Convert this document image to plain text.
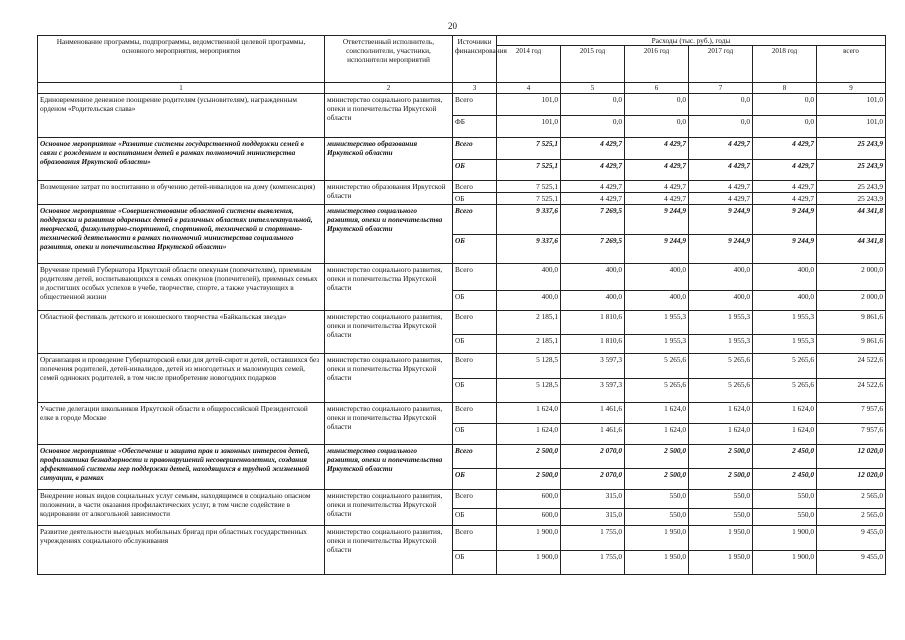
20
Наименование программы, подпрограммы, ведомственной целевой программы, основного мероприятия, мероприятия	Ответственный исполнитель, соисполнители, участники, исполнители мероприятий	Источники финансирования	Расходы (тыс. руб.), годы					
			2014 год	2015 год	2016 год	2017 год	2018 год	всего
1	2	3	4	5	6	7	8	9
Единовременное денежное поощрение родителям (усыновителям), награжденным орденом «Родительская слава»	министерство социального развития, опеки и попечительства Иркутской области	Всего	101,0	0,0	0,0	0,0	0,0	101,0
		ФБ	101,0	0,0	0,0	0,0	0,0	101,0
Основное мероприятие «Развитие системы государственной поддержки семей в связи с рождением и воспитанием детей в рамках полномочий министерства образования Иркутской области»	министерство образования Иркутской области	Всего	7 525,1	4 429,7	4 429,7	4 429,7	4 429,7	25 243,9
		ОБ	7 525,1	4 429,7	4 429,7	4 429,7	4 429,7	25 243,9
Возмещение затрат по воспитанию и обучению детей-инвалидов на дому (компенсация)	министерство образования Иркутской области	Всего	7 525,1	4 429,7	4 429,7	4 429,7	4 429,7	25 243,9
		ОБ	7 525,1	4 429,7	4 429,7	4 429,7	4 429,7	25 243,9
Основное мероприятие «Совершенствование областной системы выявления, поддержки и развития одаренных детей в различных областях интеллектуальной, творческой, физкультурно-спортивной, спортивной, технической и спортивно-технической деятельности в рамках полномочий министерства социального развития, опеки и попечительства Иркутской области»	министерство социального развития, опеки и попечительства Иркутской области	Всего	9 337,6	7 269,5	9 244,9	9 244,9	9 244,9	44 341,8
		ОБ	9 337,6	7 269,5	9 244,9	9 244,9	9 244,9	44 341,8
Вручение премий Губернатора Иркутской области опекунам (попечителям), приемным родителям детей, воспитывающихся в семьях опекунов (попечителей), приемных семьях и достигших особых успехов в учебе, творчестве, спорте, а также участвующих в общественной жизни	министерство социального развития, опеки и попечительства Иркутской области	Всего	400,0	400,0	400,0	400,0	400,0	2 000,0
		ОБ	400,0	400,0	400,0	400,0	400,0	2 000,0
Областной фестиваль детского и юношеского творчества «Байкальская звезда»	министерство социального развития, опеки и попечительства Иркутской области	Всего	2 185,1	1 810,6	1 955,3	1 955,3	1 955,3	9 861,6
		ОБ	2 185,1	1 810,6	1 955,3	1 955,3	1 955,3	9 861,6
Организация и проведение Губернаторской елки для детей-сирот и детей, оставшихся без попечения родителей, детей-инвалидов, детей из многодетных и малоимущих семей, семей одиноких родителей, в том числе приобретение новогодних подарков	министерство социального развития, опеки и попечительства Иркутской области	Всего	5 128,5	3 597,3	5 265,6	5 265,6	5 265,6	24 522,6
		ОБ	5 128,5	3 597,3	5 265,6	5 265,6	5 265,6	24 522,6
Участие делегации школьников Иркутской области в общероссийской Президентской елке в городе Москве	министерство социального развития, опеки и попечительства Иркутской области	Всего	1 624,0	1 461,6	1 624,0	1 624,0	1 624,0	7 957,6
		ОБ	1 624,0	1 461,6	1 624,0	1 624,0	1 624,0	7 957,6
Основное мероприятие «Обеспечение и защита прав и законных интересов детей, профилактика безнадзорности и правонарушений несовершеннолетних, создания эффективной системы мер поддержки детей, находящихся в трудной жизненной ситуации, в рамках	министерство социального развития, опеки и попечительства Иркутской области	Всего	2 500,0	2 070,0	2 500,0	2 500,0	2 450,0	12 020,0
		ОБ	2 500,0	2 070,0	2 500,0	2 500,0	2 450,0	12 020,0
Внедрение новых видов социальных услуг семьям, находящимся в социально опасном положении, в части оказания профилактических услуг, в том числе содействие в кодировании от алкогольной зависимости	министерство социального развития, опеки и попечительства Иркутской области	Всего	600,0	315,0	550,0	550,0	550,0	2 565,0
		ОБ	600,0	315,0	550,0	550,0	550,0	2 565,0
Развитие деятельности выездных мобильных бригад при областных государственных учреждениях социального обслуживания	министерство социального развития, опеки и попечительства Иркутской области	Всего	1 900,0	1 755,0	1 950,0	1 950,0	1 900,0	9 455,0
		ОБ	1 900,0	1 755,0	1 950,0	1 950,0	1 900,0	9 455,0
